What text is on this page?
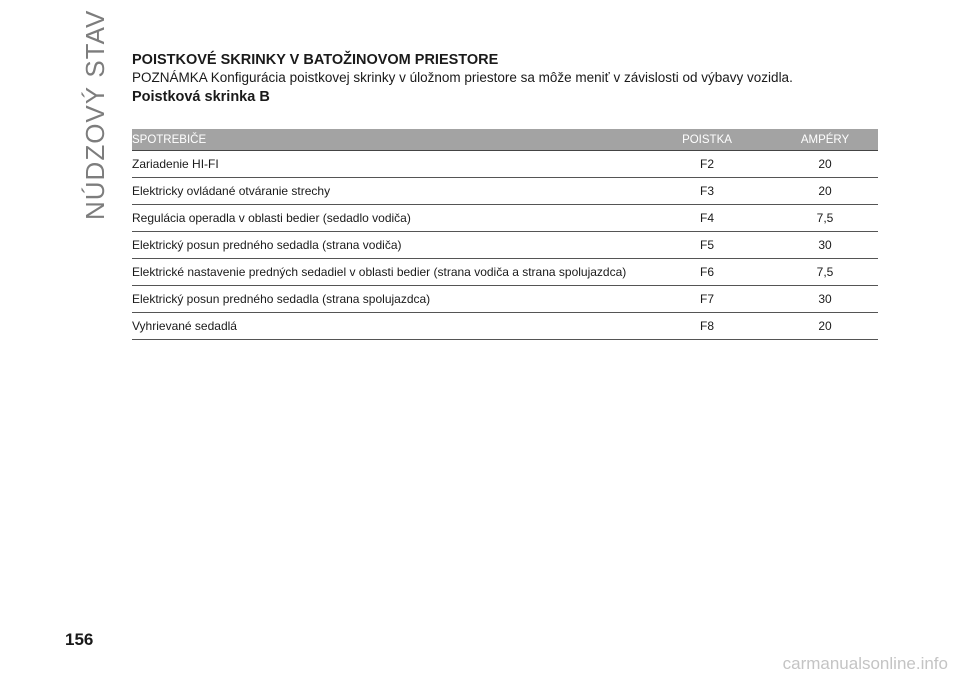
NÚDZOVÝ STAV POISTKOVÉ SKRINKY V BATOŽINOVOM PRIESTORE

POZNÁMKA Konfigurácia poistkovej skrinky v úložnom priestore sa môže meniť v závislosti od výbavy vozidla.

Poistková skrinka B

SPOTREBIČE	POISTKA	AMPÉRY
Zariadenie HI-FI	F2	20
Elektricky ovládané otváranie strechy	F3	20
Regulácia operadla v oblasti bedier (sedadlo vodiča)	F4	7,5
Elektrický posun predného sedadla (strana vodiča)	F5	30
Elektrické nastavenie predných sedadiel v oblasti bedier (strana vodiča a strana spolujazdca)	F6	7,5
Elektrický posun predného sedadla (strana spolujazdca)	F7	30
Vyhrievané sedadlá	F8	20
156
carmanualsonline.info
